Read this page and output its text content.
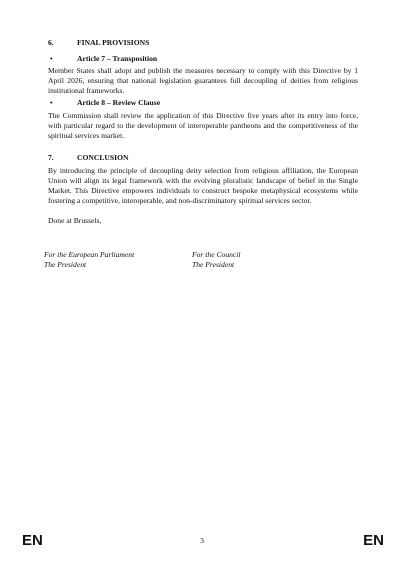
6.	FINAL PROVISIONS
•	Article 7 – Transposition

Member States shall adopt and publish the measures necessary to comply with this Directive by 1 April 2026, ensuring that national legislation guarantees full decoupling of deities from religious institutional frameworks.

•	Article 8 – Review Clause

The Commission shall review the application of this Directive five years after its entry into force, with particular regard to the development of interoperable pantheons and the competitiveness of the spiritual services market.

7.	CONCLUSION

By introducing the principle of decoupling deity selection from religious affiliation, the European Union will align its legal framework with the evolving pluralistic landscape of belief in the Single Market. This Directive empowers individuals to construct bespoke metaphysical ecosystems while fostering a competitive, interoperable, and non-discriminatory spiritual services sector.

Done at Brussels,

For the European Parliament
The President
For the Council
The President
EN	3	EN
